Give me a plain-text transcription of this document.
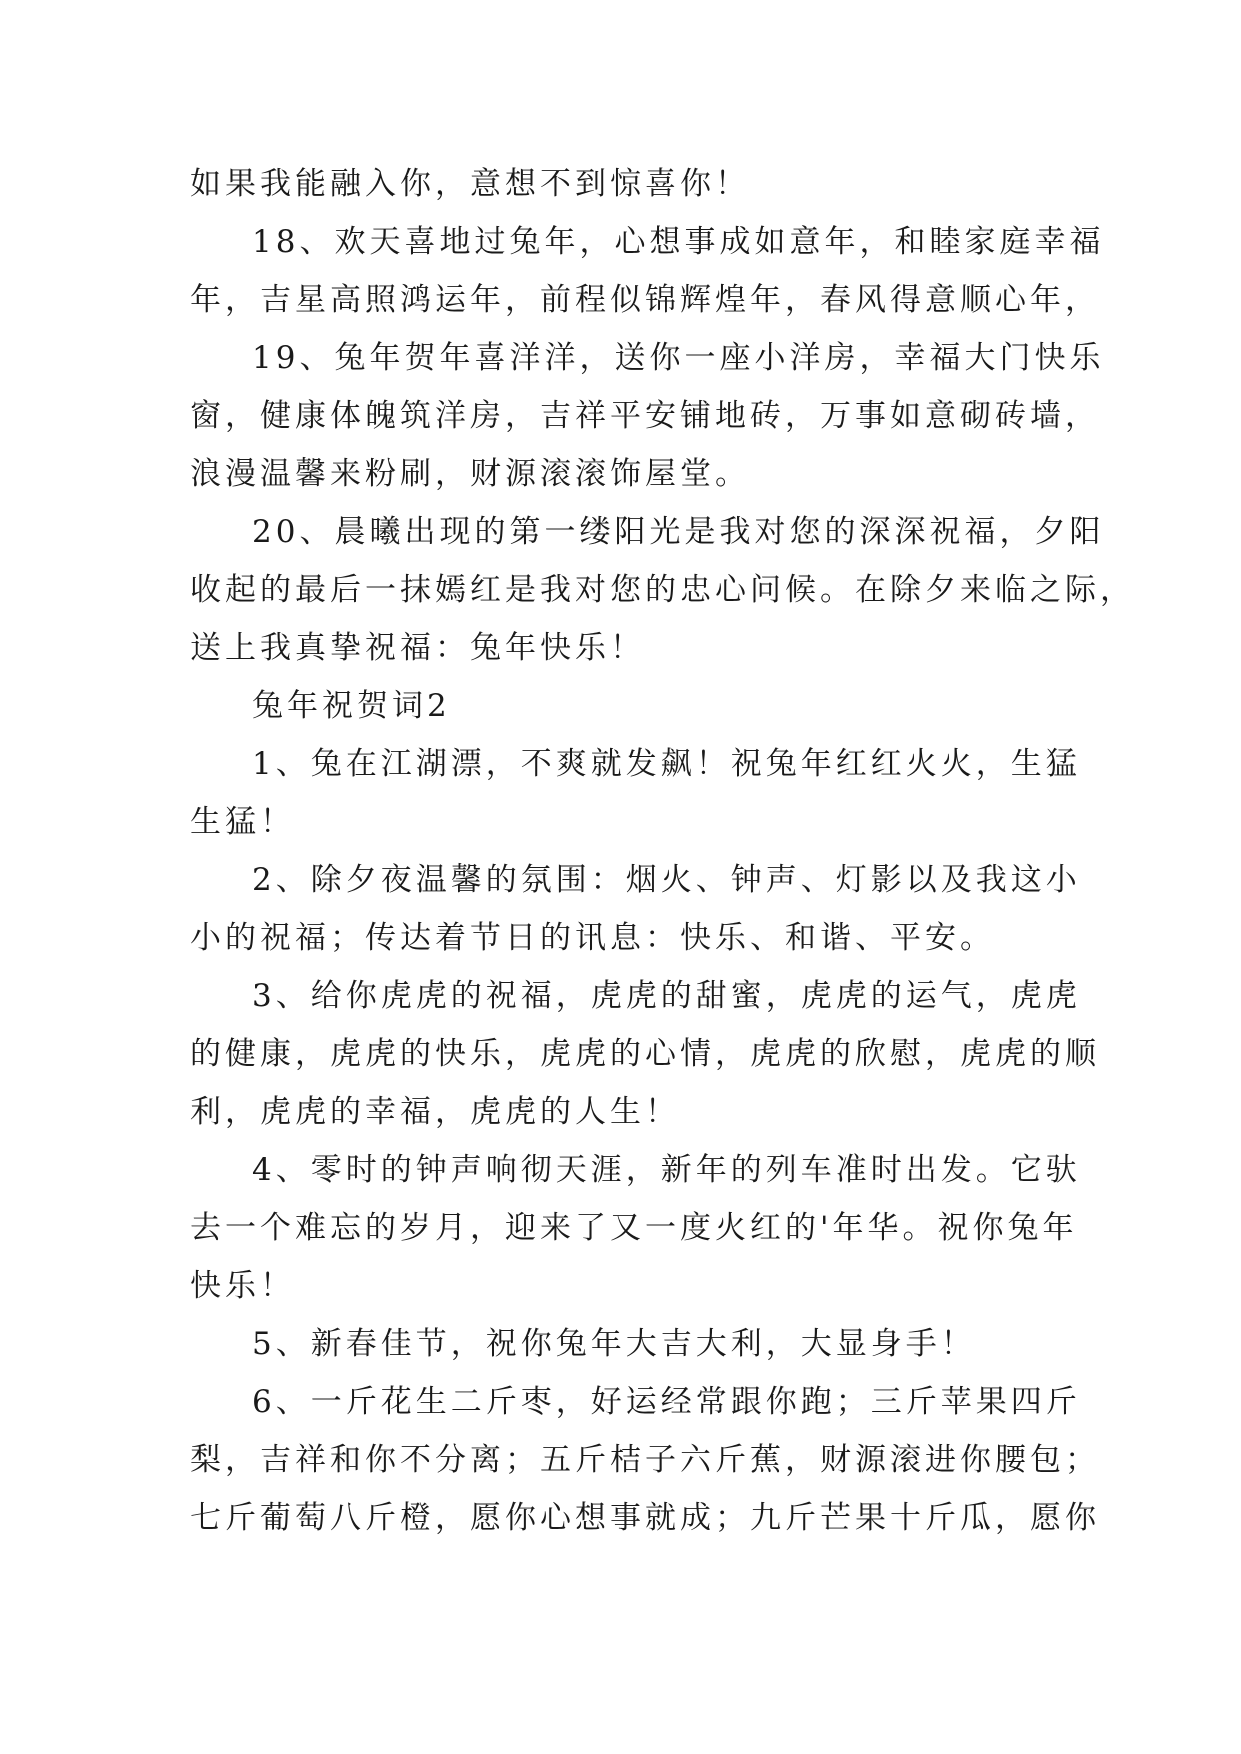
如果我能融入你，意想不到惊喜你！
18、欢天喜地过兔年，心想事成如意年，和睦家庭幸福
年，吉星高照鸿运年，前程似锦辉煌年，春风得意顺心年，
19、兔年贺年喜洋洋，送你一座小洋房，幸福大门快乐
窗，健康体魄筑洋房，吉祥平安铺地砖，万事如意砌砖墙，
浪漫温馨来粉刷，财源滚滚饰屋堂。
20、晨曦出现的第一缕阳光是我对您的深深祝福，夕阳
收起的最后一抹嫣红是我对您的忠心问候。在除夕来临之际，
送上我真挚祝福：兔年快乐！
兔年祝贺词2
1、兔在江湖漂，不爽就发飙！祝兔年红红火火，生猛
生猛！
2、除夕夜温馨的氛围：烟火、钟声、灯影以及我这小
小的祝福；传达着节日的讯息：快乐、和谐、平安。
3、给你虎虎的祝福，虎虎的甜蜜，虎虎的运气，虎虎
的健康，虎虎的快乐，虎虎的心情，虎虎的欣慰，虎虎的顺
利，虎虎的幸福，虎虎的人生！
4、零时的钟声响彻天涯，新年的列车准时出发。它驮
去一个难忘的岁月，迎来了又一度火红的'年华。祝你兔年
快乐！
5、新春佳节，祝你兔年大吉大利，大显身手！
6、一斤花生二斤枣，好运经常跟你跑；三斤苹果四斤
梨，吉祥和你不分离；五斤桔子六斤蕉，财源滚进你腰包；
七斤葡萄八斤橙，愿你心想事就成；九斤芒果十斤瓜，愿你
